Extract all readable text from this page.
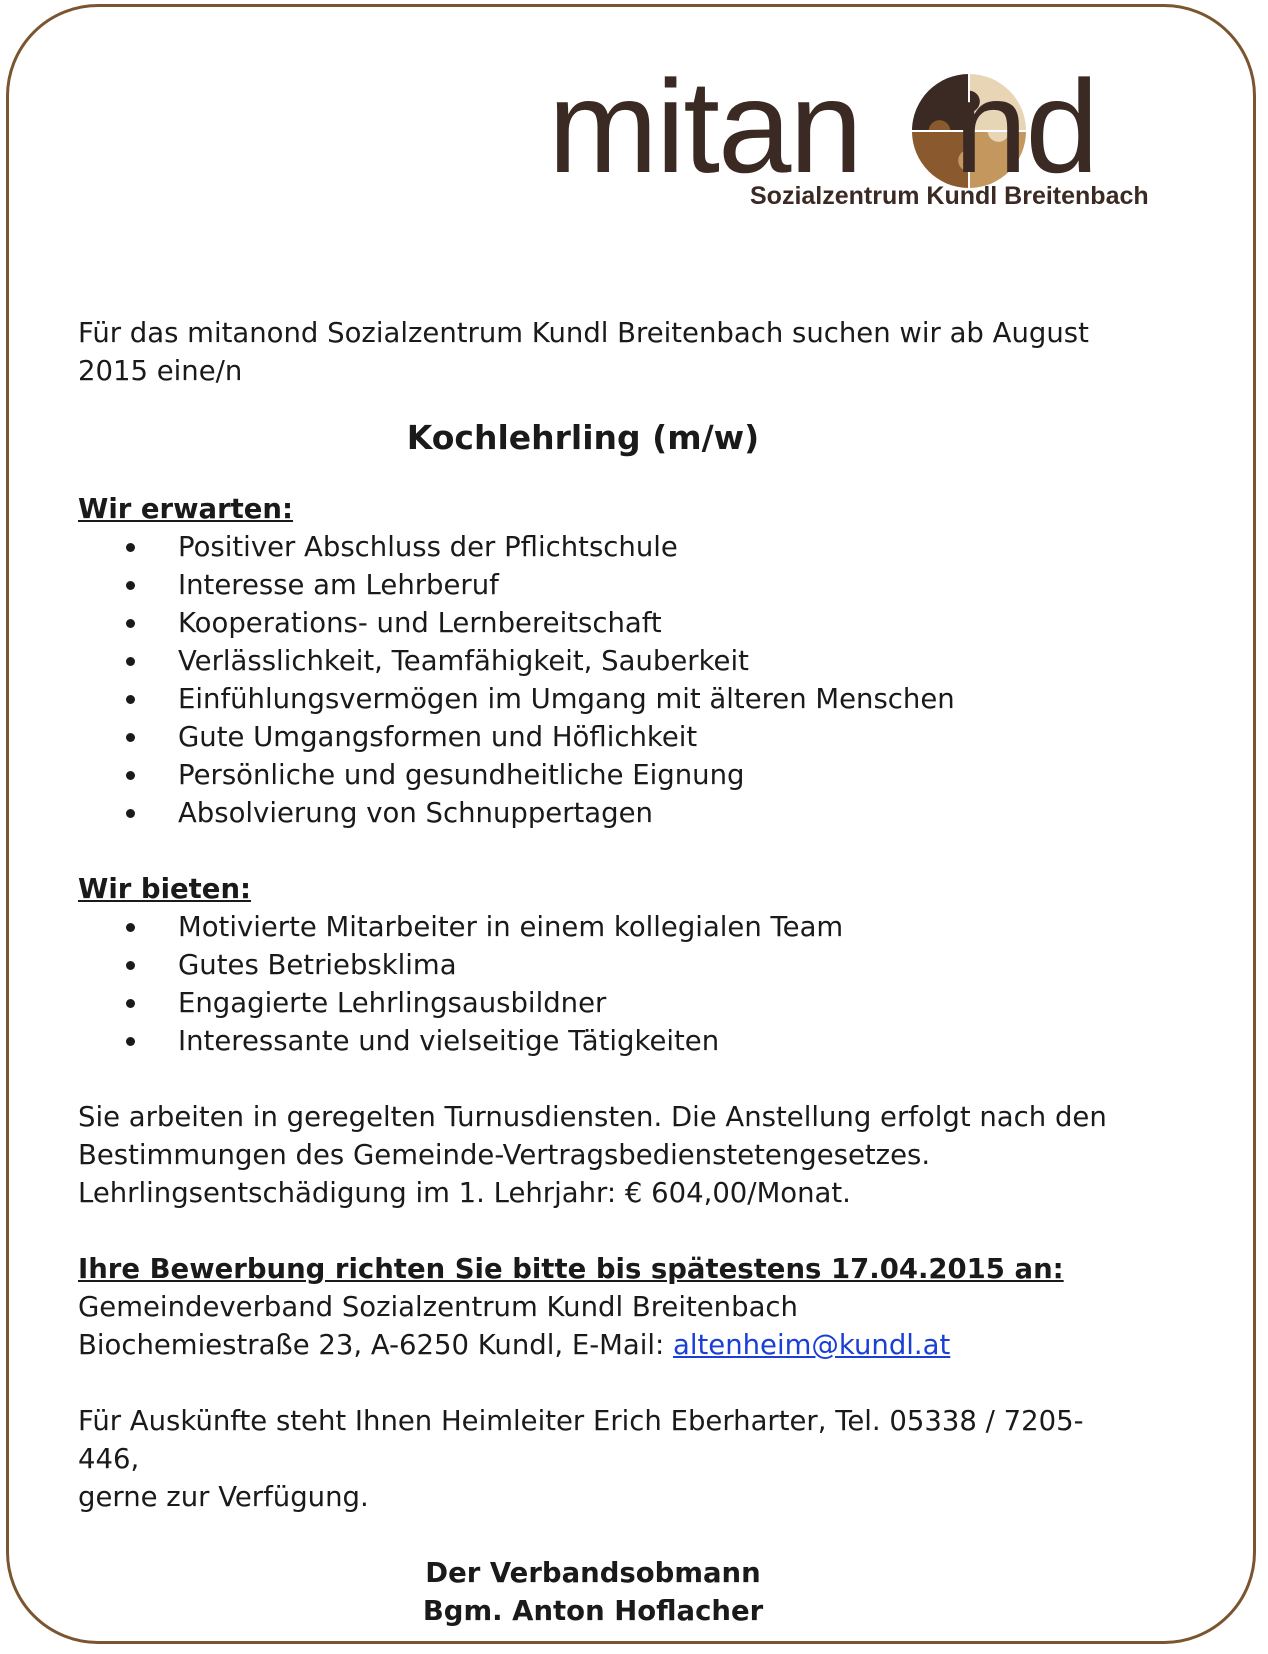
mitan nd
Sozialzentrum Kundl Breitenbach

Für das mitanond Sozialzentrum Kundl Breitenbach suchen wir ab August 2015 eine/n

Kochlehrling (m/w)

Wir erwarten:

Positiver Abschluss der Pflichtschule
Interesse am Lehrberuf
Kooperations- und Lernbereitschaft
Verlässlichkeit, Teamfähigkeit, Sauberkeit
Einfühlungsvermögen im Umgang mit älteren Menschen
Gute Umgangsformen und Höflichkeit
Persönliche und gesundheitliche Eignung
Absolvierung von Schnuppertagen

Wir bieten:

Motivierte Mitarbeiter in einem kollegialen Team
Gutes Betriebsklima
Engagierte Lehrlingsausbildner
Interessante und vielseitige Tätigkeiten

Sie arbeiten in geregelten Turnusdiensten. Die Anstellung erfolgt nach den

Bestimmungen des Gemeinde-Vertragsbedienstetengesetzes.

Lehrlingsentschädigung im 1. Lehrjahr: € 604,00/Monat.

Ihre Bewerbung richten Sie bitte bis spätestens 17.04.2015 an:

Gemeindeverband Sozialzentrum Kundl Breitenbach

Biochemiestraße 23, A-6250 Kundl, E-Mail: altenheim@kundl.at

Für Auskünfte steht Ihnen Heimleiter Erich Eberharter, Tel. 05338 / 7205-446,

gerne zur Verfügung.

Der Verbandsobmann

Bgm. Anton Hoflacher
